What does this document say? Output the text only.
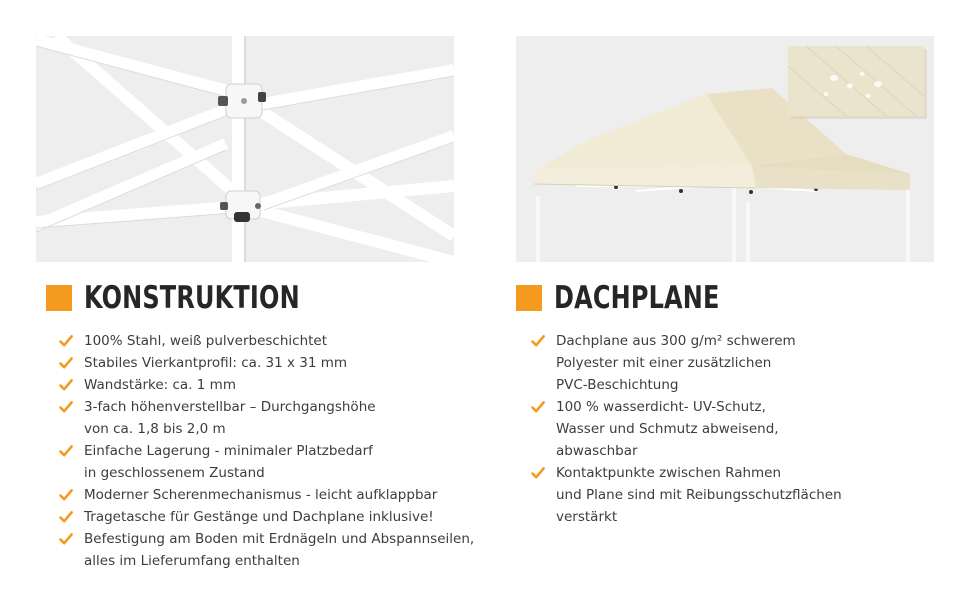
KONSTRUKTION	DACHPLANE
100% Stahl, weiß pulverbeschichtet
Stabiles Vierkantprofil: ca. 31 x 31 mm
Wandstärke: ca. 1 mm
3-fach höhenverstellbar – Durchgangshöhe
von ca. 1,8 bis 2,0 m
Einfache Lagerung - minimaler Platzbedarf
in geschlossenem Zustand
Moderner Scherenmechanismus - leicht aufklappbar
Tragetasche für Gestänge und Dachplane inklusive!
Befestigung am Boden mit Erdnägeln und Abspannseilen,
alles im Lieferumfang enthalten
Dachplane aus 300 g/m² schwerem
Polyester mit einer zusätzlichen
PVC-Beschichtung
100 % wasserdicht- UV-Schutz,
Wasser und Schmutz abweisend,
abwaschbar
Kontaktpunkte zwischen Rahmen
und Plane sind mit Reibungsschutzflächen
verstärkt
